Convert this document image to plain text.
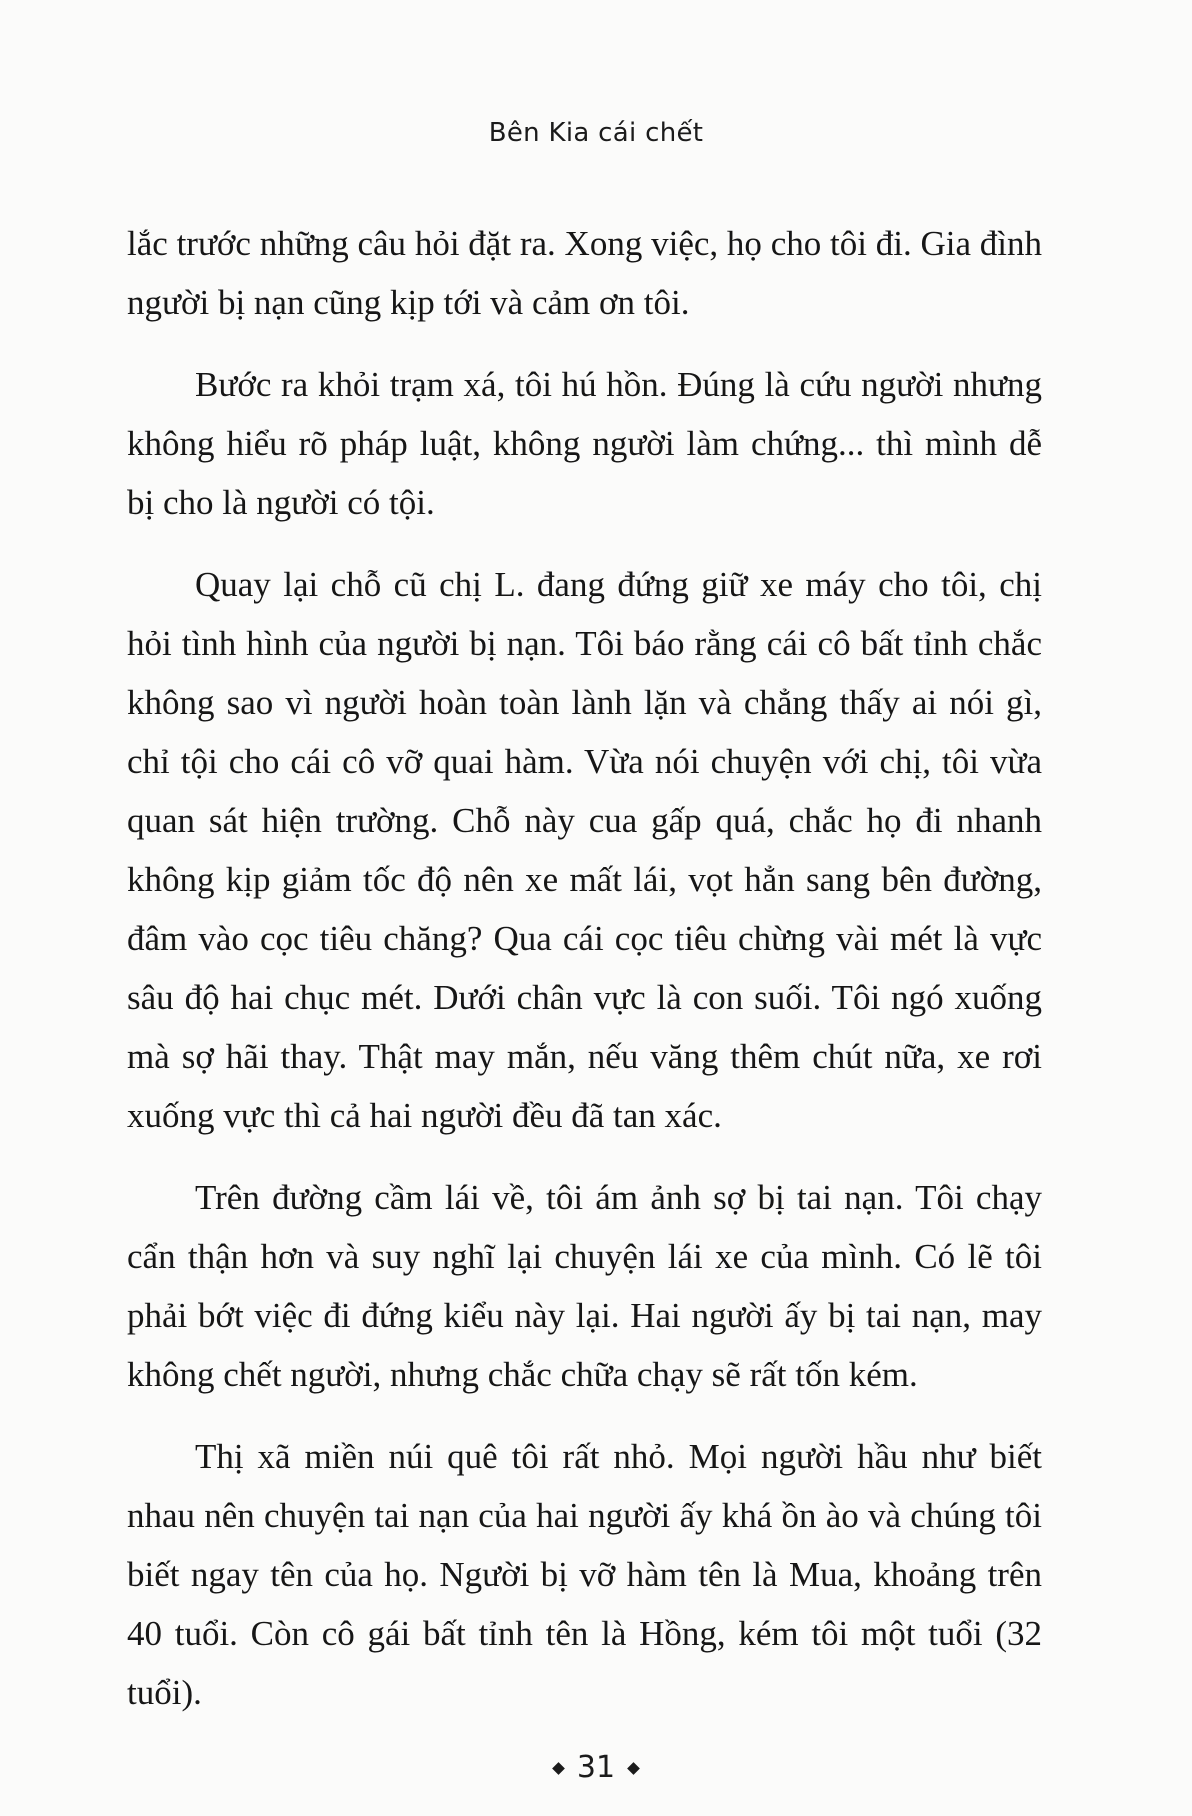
Bên Kia cái chết

lắc trước những câu hỏi đặt ra. Xong việc, họ cho tôi đi. Gia đình người bị nạn cũng kịp tới và cảm ơn tôi.

Bước ra khỏi trạm xá, tôi hú hồn. Đúng là cứu người nhưng không hiểu rõ pháp luật, không người làm chứng... thì mình dễ bị cho là người có tội.

Quay lại chỗ cũ chị L. đang đứng giữ xe máy cho tôi, chị hỏi tình hình của người bị nạn. Tôi báo rằng cái cô bất tỉnh chắc không sao vì người hoàn toàn lành lặn và chẳng thấy ai nói gì, chỉ tội cho cái cô vỡ quai hàm. Vừa nói chuyện với chị, tôi vừa quan sát hiện trường. Chỗ này cua gấp quá, chắc họ đi nhanh không kịp giảm tốc độ nên xe mất lái, vọt hẳn sang bên đường, đâm vào cọc tiêu chăng? Qua cái cọc tiêu chừng vài mét là vực sâu độ hai chục mét. Dưới chân vực là con suối. Tôi ngó xuống mà sợ hãi thay. Thật may mắn, nếu văng thêm chút nữa, xe rơi xuống vực thì cả hai người đều đã tan xác.

Trên đường cầm lái về, tôi ám ảnh sợ bị tai nạn. Tôi chạy cẩn thận hơn và suy nghĩ lại chuyện lái xe của mình. Có lẽ tôi phải bớt việc đi đứng kiểu này lại. Hai người ấy bị tai nạn, may không chết người, nhưng chắc chữa chạy sẽ rất tốn kém.

Thị xã miền núi quê tôi rất nhỏ. Mọi người hầu như biết nhau nên chuyện tai nạn của hai người ấy khá ồn ào và chúng tôi biết ngay tên của họ. Người bị vỡ hàm tên là Mua, khoảng trên 40 tuổi. Còn cô gái bất tỉnh tên là Hồng, kém tôi một tuổi (32 tuổi).

31
